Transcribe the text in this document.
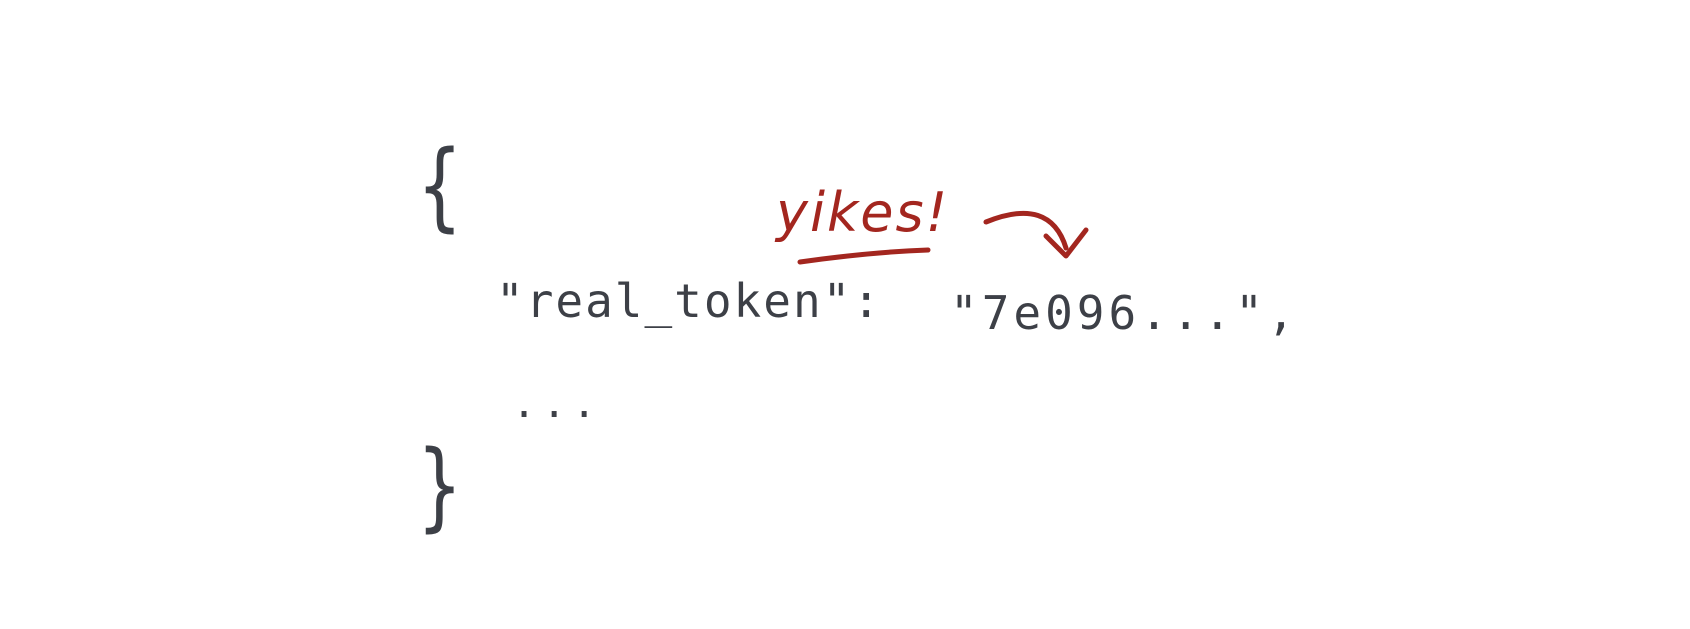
{
"real_token": "7e096...",
...
}
yikes!
